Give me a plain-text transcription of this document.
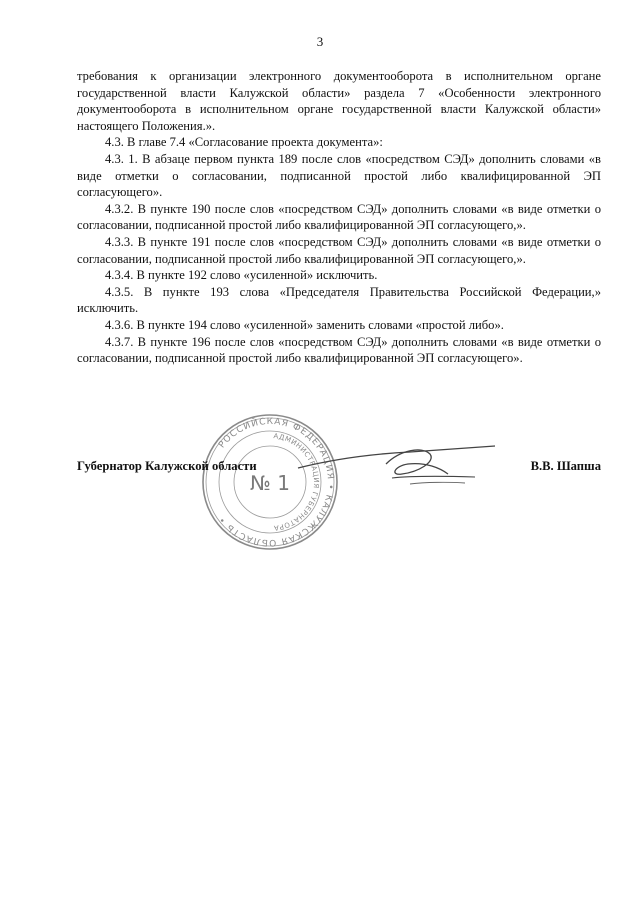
3

требования к организации электронного документооборота в исполнительном органе государственной власти Калужской области» раздела 7 «Особенности электронного документооборота в исполнительном органе государственной власти Калужской области» настоящего Положения.».

4.3. В главе 7.4 «Согласование проекта документа»:

4.3. 1. В абзаце первом пункта 189 после слов «посредством СЭД» дополнить словами «в виде отметки о согласовании, подписанной простой либо квалифицированной ЭП согласующего».

4.3.2. В пункте 190 после слов «посредством СЭД» дополнить словами «в виде отметки о согласовании, подписанной простой либо квалифицированной ЭП согласующего,».

4.3.3. В пункте 191 после слов «посредством СЭД» дополнить словами «в виде отметки о согласовании, подписанной простой либо квалифицированной ЭП согласующего,».

4.3.4. В пункте 192 слово «усиленной» исключить.

4.3.5. В пункте 193 слова «Председателя Правительства Российской Федерации,» исключить.

4.3.6. В пункте 194 слово «усиленной» заменить словами «простой либо».

4.3.7. В пункте 196 после слов «посредством СЭД» дополнить словами «в виде отметки о согласовании, подписанной простой либо квалифицированной ЭП согласующего».

РОССИЙСКАЯ ФЕДЕРАЦИЯ • КАЛУЖСКАЯ ОБЛАСТЬ •
АДМИНИСТРАЦИЯ ГУБЕРНАТОРА
№ 1
Губернатор Калужской области	В.В. Шапша
